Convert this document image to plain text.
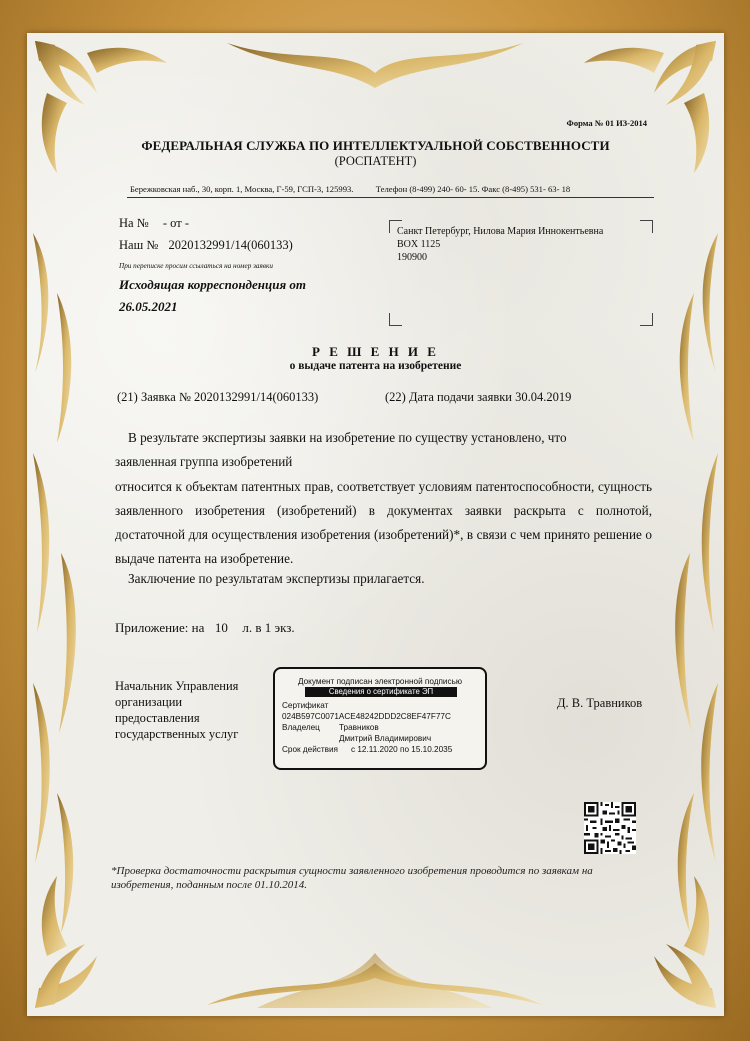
Форма № 01 ИЗ-2014
ФЕДЕРАЛЬНАЯ СЛУЖБА ПО ИНТЕЛЛЕКТУАЛЬНОЙ СОБСТВЕННОСТИ
(РОСПАТЕНТ)
Бережковская наб., 30, корп. 1, Москва, Г-59, ГСП-3, 125993.	Телефон (8-499) 240- 60- 15. Факс (8-495) 531- 63- 18
На № - от -
Наш № 2020132991/14(060133)
При переписке просим ссылаться на номер заявки
Исходящая корреспонденция от
26.05.2021
Санкт Петербург, Нилова Мария Иннокентьевна
BOX 1125
190900
Р Е Ш Е Н И Е
о выдаче патента на изобретение
(21) Заявка № 2020132991/14(060133)	(22) Дата подачи заявки 30.04.2019
В результате экспертизы заявки на изобретение по существу установлено, что заявленная группа изобретений
относится к объектам патентных прав, соответствует условиям патентоспособности, сущность заявленного изобретения (изобретений) в документах заявки раскрыта с полнотой, достаточной для осуществления изобретения (изобретений)*, в связи с чем принято решение о выдаче патента на изобретение.
Заключение по результатам экспертизы прилагается.
Приложение: на 10 л. в 1 экз.
Начальник Управления
организации
предоставления
государственных услуг
Документ подписан электронной подписью
Сведения о сертификате ЭП
Сертификат
024B597C0071ACE48242DDD2C8EF47F77C
Владелец Травников
Дмитрий Владимирович
Срок действия с 12.11.2020 по 15.10.2035
Д. В. Травников
*Проверка достаточности раскрытия сущности заявленного изобретения проводится по заявкам на изобретения, поданным после 01.10.2014.
